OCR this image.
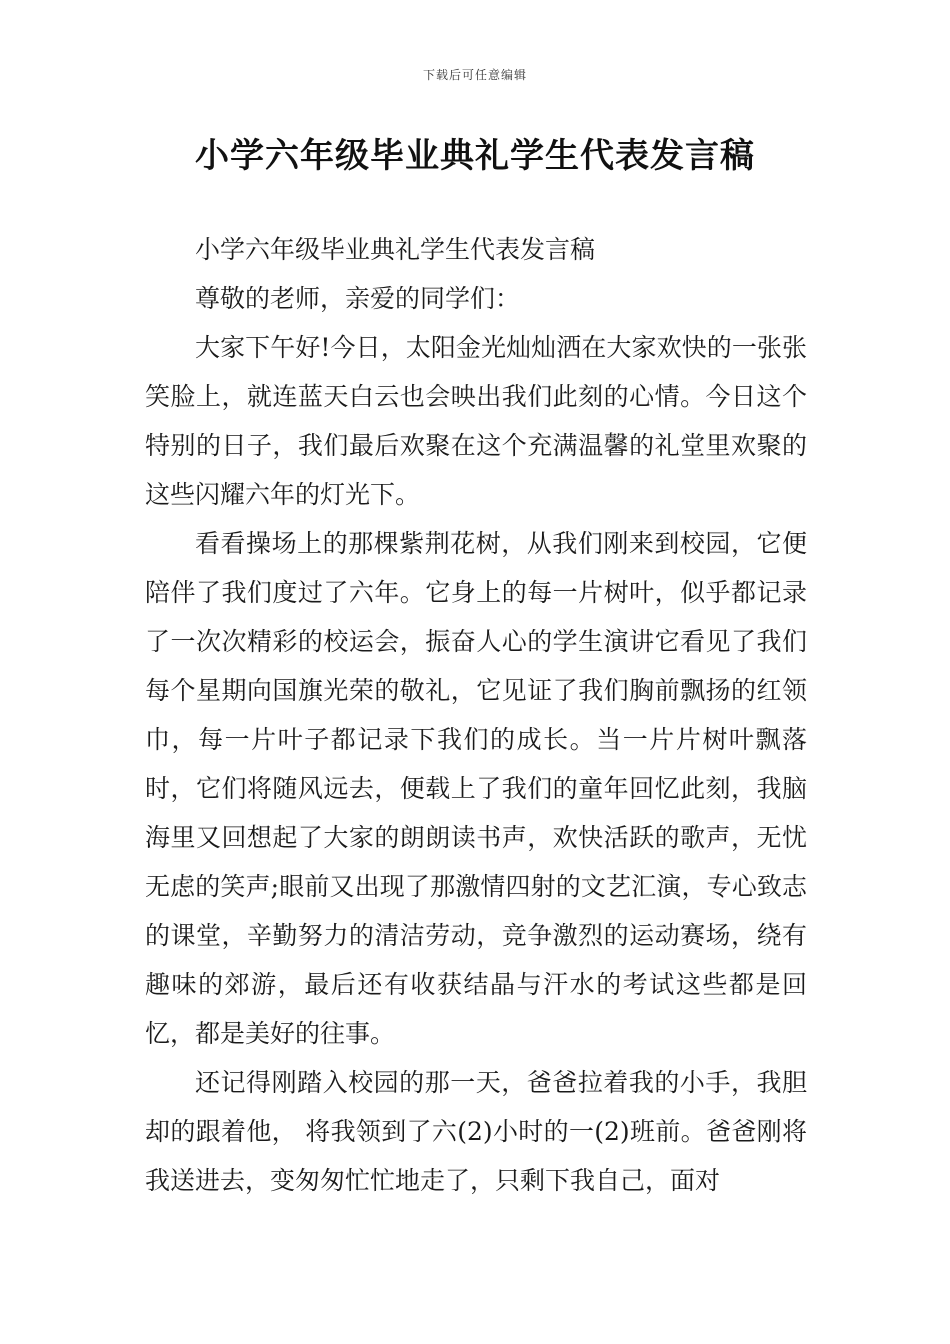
下载后可任意编辑
小学六年级毕业典礼学生代表发言稿

小学六年级毕业典礼学生代表发言稿

尊敬的老师，亲爱的同学们：

大家下午好!今日，太阳金光灿灿洒在大家欢快的一张张笑脸上，就连蓝天白云也会映出我们此刻的心情。今日这个特别的日子，我们最后欢聚在这个充满温馨的礼堂里欢聚的这些闪耀六年的灯光下。

看看操场上的那棵紫荆花树，从我们刚来到校园，它便陪伴了我们度过了六年。它身上的每一片树叶，似乎都记录了一次次精彩的校运会，振奋人心的学生演讲它看见了我们每个星期向国旗光荣的敬礼，它见证了我们胸前飘扬的红领巾，每一片叶子都记录下我们的成长。当一片片树叶飘落时，它们将随风远去，便载上了我们的童年回忆此刻，我脑海里又回想起了大家的朗朗读书声，欢快活跃的歌声，无忧无虑的笑声;眼前又出现了那激情四射的文艺汇演，专心致志的课堂，辛勤努力的清洁劳动，竞争激烈的运动赛场，绕有趣味的郊游，最后还有收获结晶与汗水的考试这些都是回忆，都是美好的往事。

还记得刚踏入校园的那一天，爸爸拉着我的小手，我胆却的跟着他， 将我领到了六(2)小时的一(2)班前。爸爸刚将我送进去，变匆匆忙忙地走了，只剩下我自己，面对
